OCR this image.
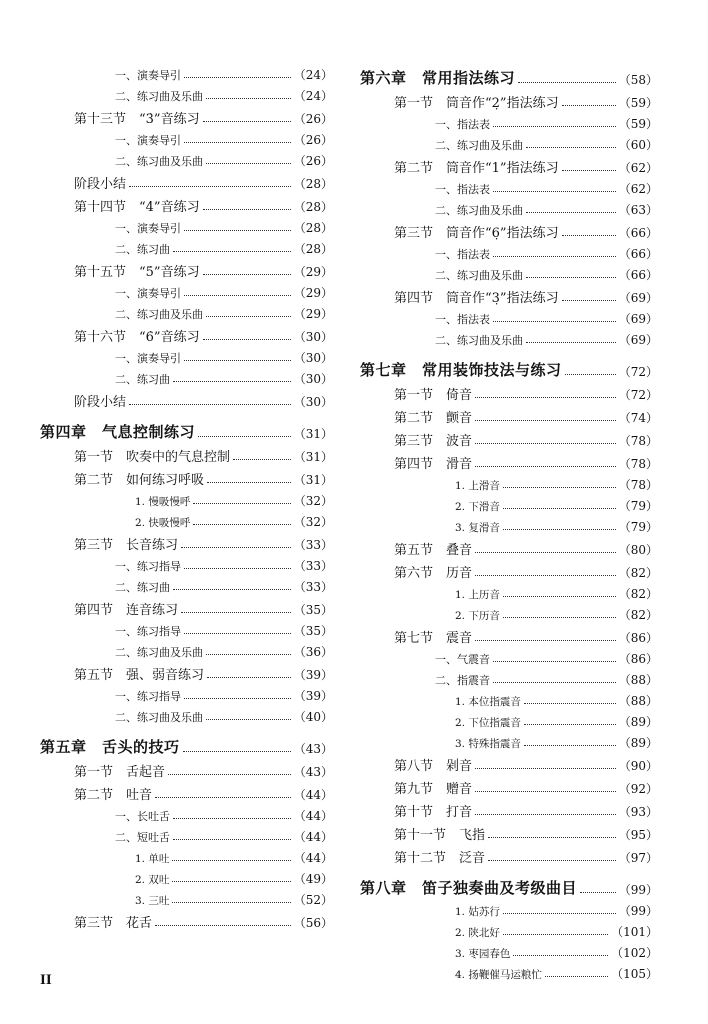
一、演奏导引	（24）
二、练习曲及乐曲	（24）
第十三节　“3̇”音练习	（26）
一、演奏导引	（26）
二、练习曲及乐曲	（26）
阶段小结	（28）
第十四节　“4̇”音练习	（28）
一、演奏导引	（28）
二、练习曲	（28）
第十五节　“5̇”音练习	（29）
一、演奏导引	（29）
二、练习曲及乐曲	（29）
第十六节　“6̇”音练习	（30）
一、演奏导引	（30）
二、练习曲	（30）
阶段小结	（30）
第四章　气息控制练习	（31）
第一节　吹奏中的气息控制	（31）
第二节　如何练习呼吸	（31）
1. 慢吸慢呼	（32）
2. 快吸慢呼	（32）
第三节　长音练习	（33）
一、练习指导	（33）
二、练习曲	（33）
第四节　连音练习	（35）
一、练习指导	（35）
二、练习曲及乐曲	（36）
第五节　强、弱音练习	（39）
一、练习指导	（39）
二、练习曲及乐曲	（40）
第五章　舌头的技巧	（43）
第一节　舌起音	（43）
第二节　吐音	（44）
一、长吐舌	（44）
二、短吐舌	（44）
1. 单吐	（44）
2. 双吐	（49）
3. 三吐	（52）
第三节　花舌	（56）
第六章　常用指法练习	（58）
第一节　筒音作“2̣”指法练习	（59）
一、指法表	（59）
二、练习曲及乐曲	（60）
第二节　筒音作“1”指法练习	（62）
一、指法表	（62）
二、练习曲及乐曲	（63）
第三节　筒音作“6̣”指法练习	（66）
一、指法表	（66）
二、练习曲及乐曲	（66）
第四节　筒音作“3̣”指法练习	（69）
一、指法表	（69）
二、练习曲及乐曲	（69）
第七章　常用装饰技法与练习	（72）
第一节　倚音	（72）
第二节　颤音	（74）
第三节　波音	（78）
第四节　滑音	（78）
1. 上滑音	（78）
2. 下滑音	（79）
3. 复滑音	（79）
第五节　叠音	（80）
第六节　历音	（82）
1. 上历音	（82）
2. 下历音	（82）
第七节　震音	（86）
一、气震音	（86）
二、指震音	（88）
1. 本位指震音	（88）
2. 下位指震音	（89）
3. 特殊指震音	（89）
第八节　剁音	（90）
第九节　赠音	（92）
第十节　打音	（93）
第十一节　飞指	（95）
第十二节　泛音	（97）
第八章　笛子独奏曲及考级曲目	（99）
1. 姑苏行	（99）
2. 陕北好	（101）
3. 枣园春色	（102）
4. 扬鞭催马运粮忙	（105）
II
